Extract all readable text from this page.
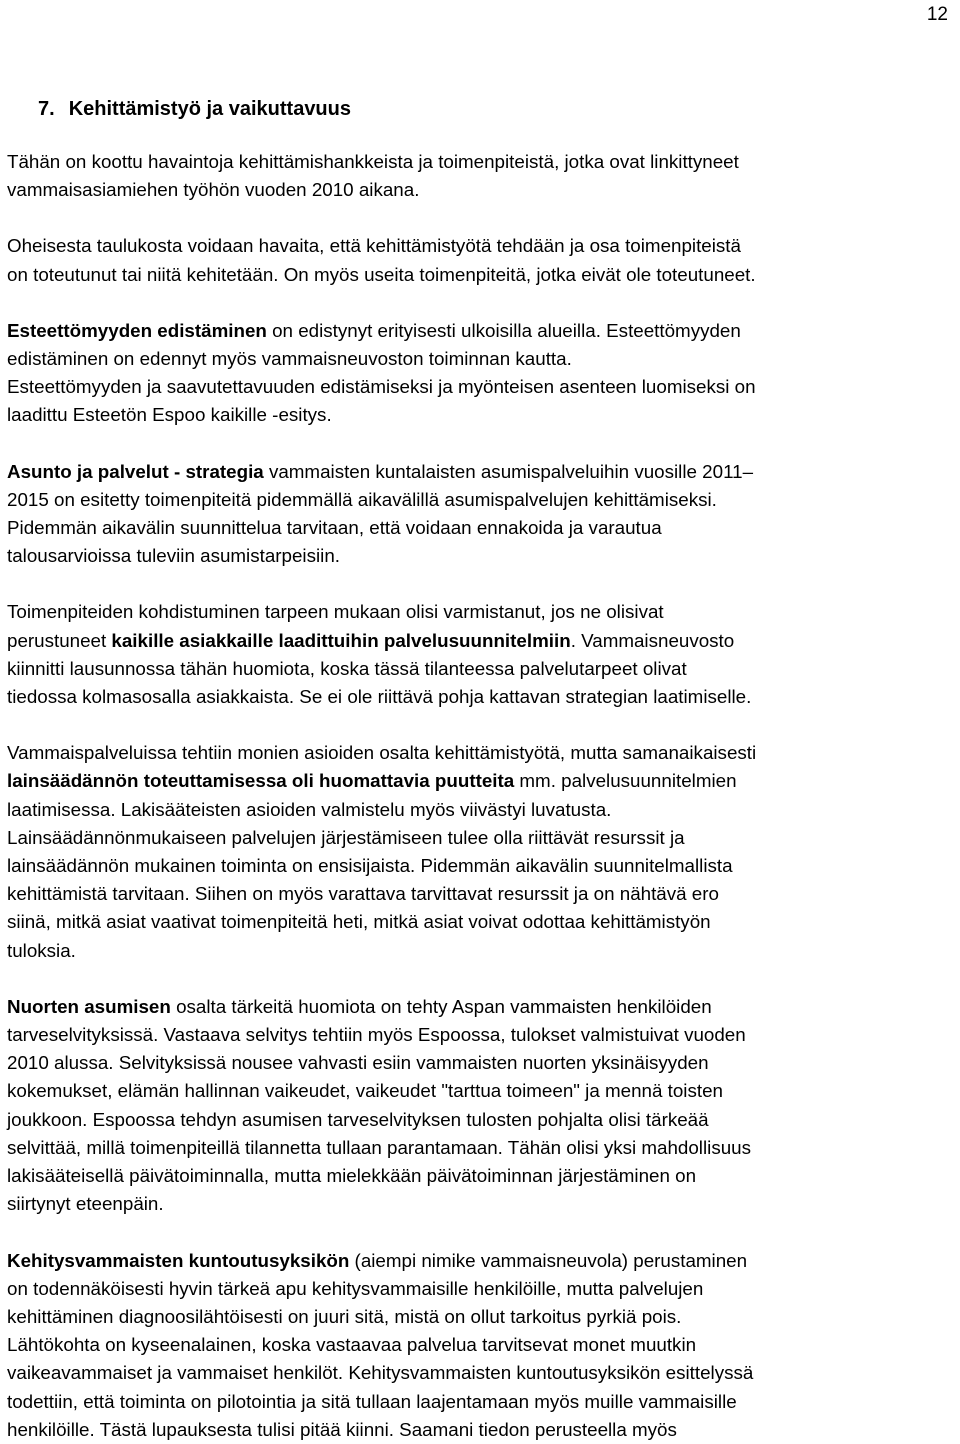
12
7. Kehittämistyö ja vaikuttavuus

Tähän on koottu havaintoja kehittämishankkeista ja toimenpiteistä, jotka ovat linkittyneet
vammaisasiamiehen työhön vuoden 2010 aikana.

Oheisesta taulukosta voidaan havaita, että kehittämistyötä tehdään ja osa toimenpiteistä
on toteutunut tai niitä kehitetään. On myös useita toimenpiteitä, jotka eivät ole toteutuneet.

Esteettömyyden edistäminen on edistynyt erityisesti ulkoisilla alueilla. Esteettömyyden
edistäminen on edennyt myös vammaisneuvoston toiminnan kautta.
Esteettömyyden ja saavutettavuuden edistämiseksi ja myönteisen asenteen luomiseksi on
laadittu Esteetön Espoo kaikille -esitys.

Asunto ja palvelut - strategia vammaisten kuntalaisten asumispalveluihin vuosille 2011–
2015 on esitetty toimenpiteitä pidemmällä aikavälillä asumispalvelujen kehittämiseksi.
Pidemmän aikavälin suunnittelua tarvitaan, että voidaan ennakoida ja varautua
talousarvioissa tuleviin asumistarpeisiin.

Toimenpiteiden kohdistuminen tarpeen mukaan olisi varmistanut, jos ne olisivat
perustuneet kaikille asiakkaille laadittuihin palvelusuunnitelmiin. Vammaisneuvosto
kiinnitti lausunnossa tähän huomiota, koska tässä tilanteessa palvelutarpeet olivat
tiedossa kolmasosalla asiakkaista. Se ei ole riittävä pohja kattavan strategian laatimiselle.

Vammaispalveluissa tehtiin monien asioiden osalta kehittämistyötä, mutta samanaikaisesti
lainsäädännön toteuttamisessa oli huomattavia puutteita mm. palvelusuunnitelmien
laatimisessa. Lakisääteisten asioiden valmistelu myös viivästyi luvatusta.
Lainsäädännönmukaiseen palvelujen järjestämiseen tulee olla riittävät resurssit ja
lainsäädännön mukainen toiminta on ensisijaista. Pidemmän aikavälin suunnitelmallista
kehittämistä tarvitaan. Siihen on myös varattava tarvittavat resurssit ja on nähtävä ero
siinä, mitkä asiat vaativat toimenpiteitä heti, mitkä asiat voivat odottaa kehittämistyön
tuloksia.

Nuorten asumisen osalta tärkeitä huomiota on tehty Aspan vammaisten henkilöiden
tarveselvityksissä. Vastaava selvitys tehtiin myös Espoossa, tulokset valmistuivat vuoden
2010 alussa. Selvityksissä nousee vahvasti esiin vammaisten nuorten yksinäisyyden
kokemukset, elämän hallinnan vaikeudet, vaikeudet "tarttua toimeen" ja mennä toisten
joukkoon. Espoossa tehdyn asumisen tarveselvityksen tulosten pohjalta olisi tärkeää
selvittää, millä toimenpiteillä tilannetta tullaan parantamaan. Tähän olisi yksi mahdollisuus
lakisääteisellä päivätoiminnalla, mutta mielekkään päivätoiminnan järjestäminen on
siirtynyt eteenpäin.

Kehitysvammaisten kuntoutusyksikön (aiempi nimike vammaisneuvola) perustaminen
on todennäköisesti hyvin tärkeä apu kehitysvammaisille henkilöille, mutta palvelujen
kehittäminen diagnoosilähtöisesti on juuri sitä, mistä on ollut tarkoitus pyrkiä pois.
Lähtökohta on kyseenalainen, koska vastaavaa palvelua tarvitsevat monet muutkin
vaikeavammaiset ja vammaiset henkilöt. Kehitysvammaisten kuntoutusyksikön esittelyssä
todettiin, että toiminta on pilotointia ja sitä tullaan laajentamaan myös muille vammaisille
henkilöille. Tästä lupauksesta tulisi pitää kiinni. Saamani tiedon perusteella myös
